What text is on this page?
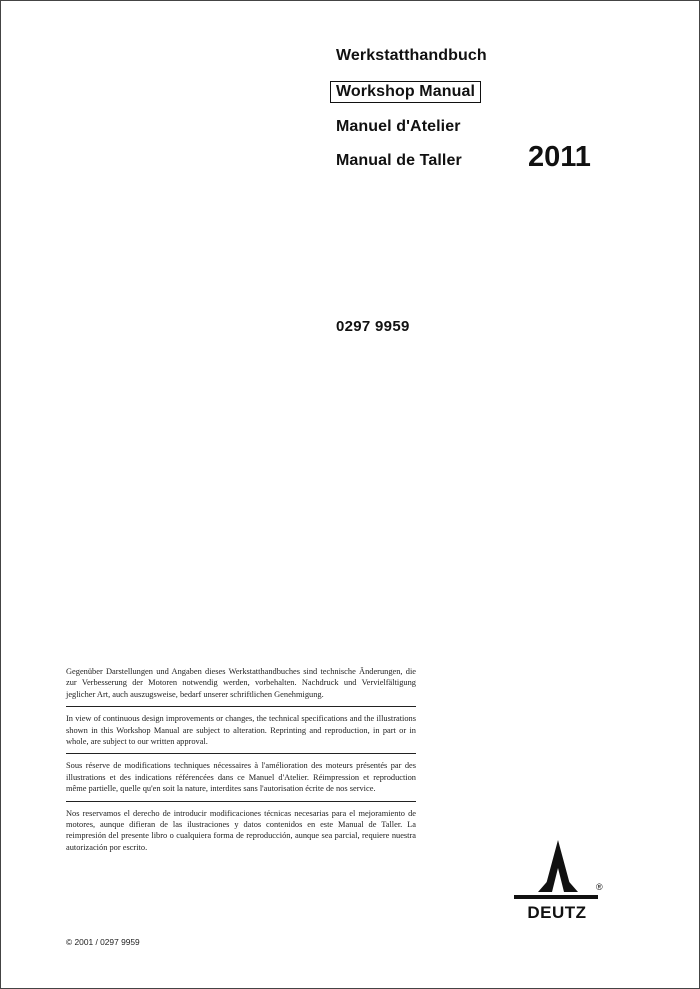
Werkstatthandbuch
Workshop Manual
Manuel d'Atelier
Manual de Taller 2011
0297 9959
Gegenüber Darstellungen und Angaben dieses Werkstatthandbuches sind technische Änderungen, die zur Verbesserung der Motoren notwendig werden, vorbehalten. Nachdruck und Vervielfältigung jeglicher Art, auch auszugsweise, bedarf unserer schriftlichen Genehmigung.
In view of continuous design improvements or changes, the technical specifications and the illustrations shown in this Workshop Manual are subject to alteration. Reprinting and reproduction, in part or in whole, are subject to our written approval.
Sous réserve de modifications techniques nécessaires à l'amélioration des moteurs présentés par des illustrations et des indications référencées dans ce Manuel d'Atelier. Réimpression et reproduction même partielle, quelle qu'en soit la nature, interdites sans l'autorisation écrite de nos service.
Nos reservamos el derecho de introducir modificaciones técnicas necesarias para el mejoramiento de motores, aunque difieran de las ilustraciones y datos contenidos en este Manual de Taller. La reimpresión del presente libro o cualquiera forma de reproducción, aunque sea parcial, requiere nuestra autorización por escrito.
© 2001 / 0297 9959
DEUTZ
®
